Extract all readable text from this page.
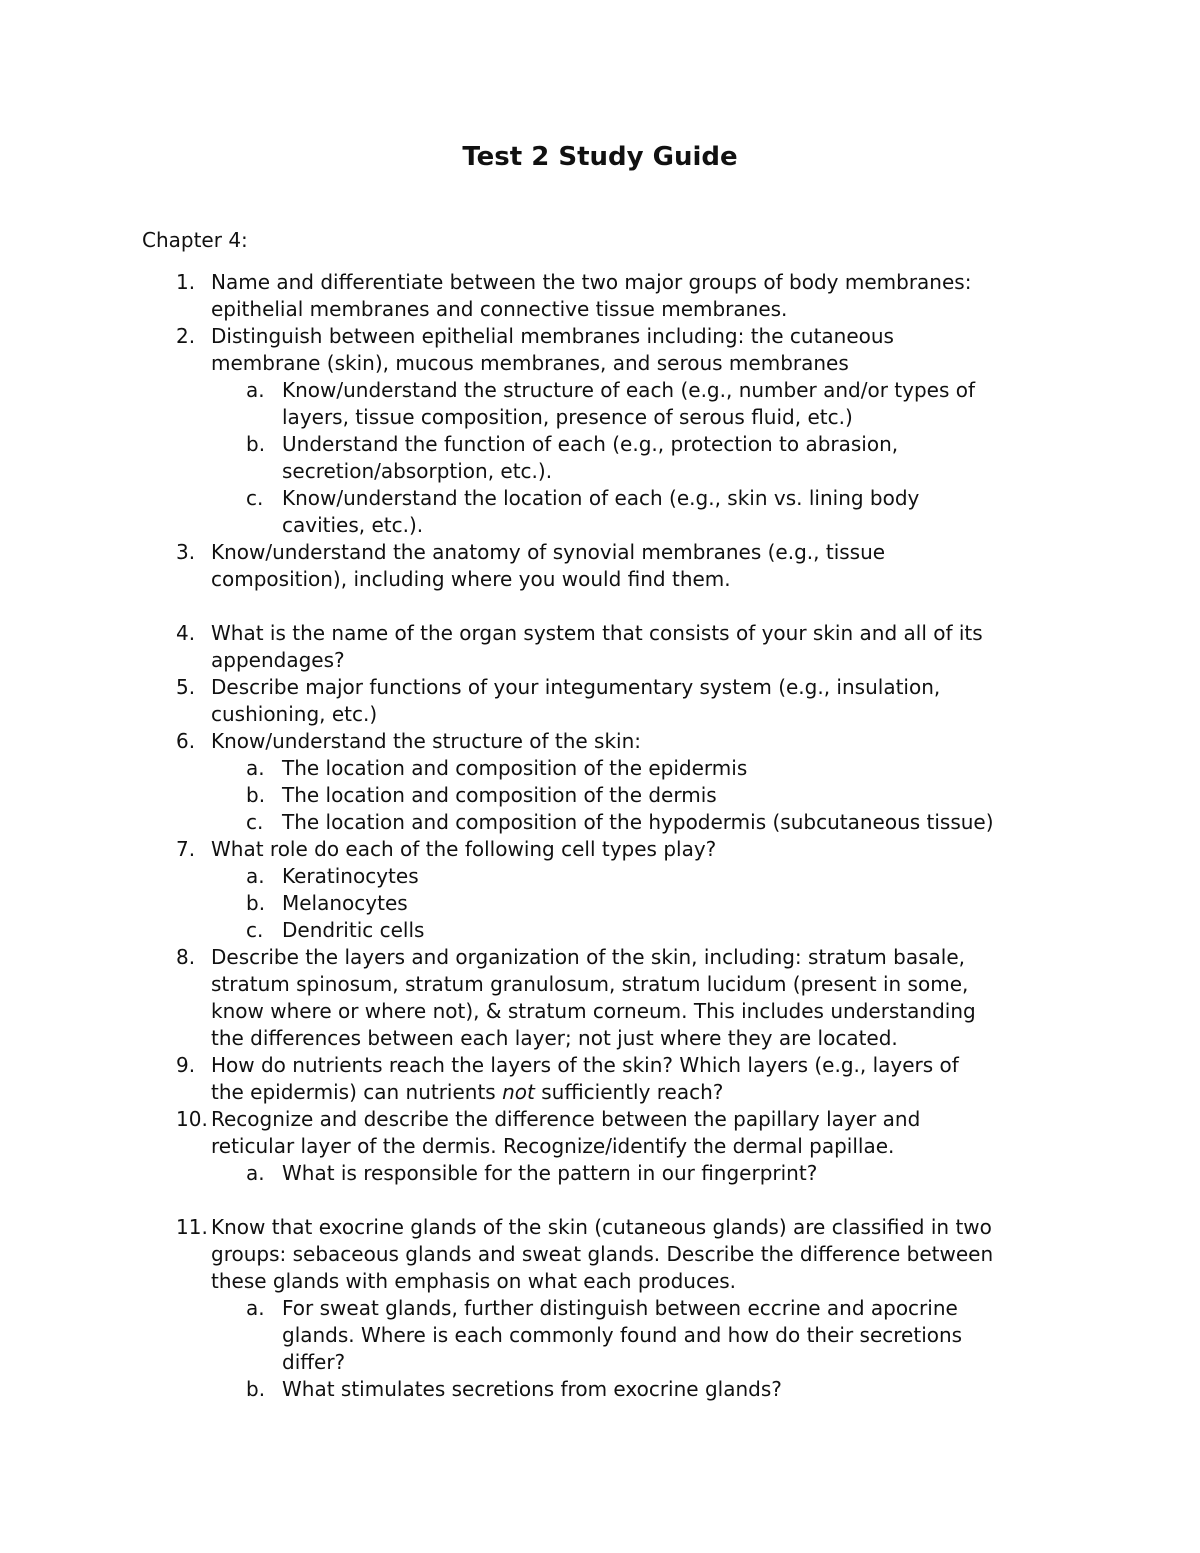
Test 2 Study Guide
Chapter 4:
1. Name and differentiate between the two major groups of body membranes:
epithelial membranes and connective tissue membranes.
2. Distinguish between epithelial membranes including: the cutaneous
membrane (skin), mucous membranes, and serous membranes
a. Know/understand the structure of each (e.g., number and/or types of
layers, tissue composition, presence of serous fluid, etc.)
b. Understand the function of each (e.g., protection to abrasion,
secretion/absorption, etc.).
c. Know/understand the location of each (e.g., skin vs. lining body
cavities, etc.).
3. Know/understand the anatomy of synovial membranes (e.g., tissue
composition), including where you would find them.
4. What is the name of the organ system that consists of your skin and all of its
appendages?
5. Describe major functions of your integumentary system (e.g., insulation,
cushioning, etc.)
6. Know/understand the structure of the skin:
a. The location and composition of the epidermis
b. The location and composition of the dermis
c. The location and composition of the hypodermis (subcutaneous tissue)
7. What role do each of the following cell types play?
a. Keratinocytes
b. Melanocytes
c. Dendritic cells
8. Describe the layers and organization of the skin, including: stratum basale,
stratum spinosum, stratum granulosum, stratum lucidum (present in some,
know where or where not), & stratum corneum. This includes understanding
the differences between each layer; not just where they are located.
9. How do nutrients reach the layers of the skin? Which layers (e.g., layers of
the epidermis) can nutrients not sufficiently reach?
10. Recognize and describe the difference between the papillary layer and
reticular layer of the dermis. Recognize/identify the dermal papillae.
a. What is responsible for the pattern in our fingerprint?
11. Know that exocrine glands of the skin (cutaneous glands) are classified in two
groups: sebaceous glands and sweat glands. Describe the difference between
these glands with emphasis on what each produces.
a. For sweat glands, further distinguish between eccrine and apocrine
glands. Where is each commonly found and how do their secretions
differ?
b. What stimulates secretions from exocrine glands?
